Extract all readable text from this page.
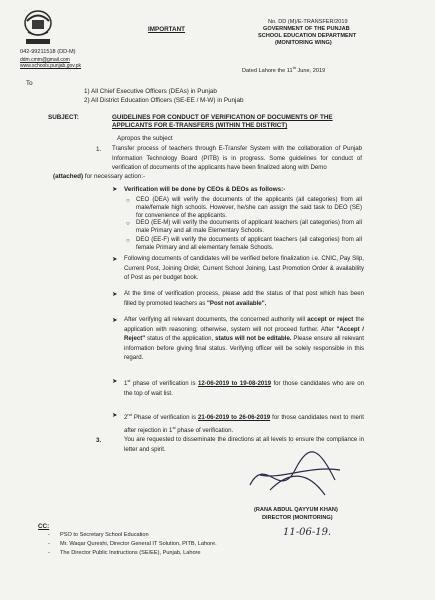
IMPORTANT
No. DD (M)/E-TRANSFER/2019
GOVERNMENT OF THE PUNJAB
SCHOOL EDUCATION DEPARTMENT
(MONITORING WING)
042-99211518 (DD-M)
ddm.cmm@gmail.com
www.schools.punjab.gov.pk
Dated Lahore the 11th June, 2019
To
1) All Chief Executive Officers (DEAs) in Punjab
2) All District Education Officers (SE-EE / M-W) in Punjab
SUBJECT:	GUIDELINES FOR CONDUCT OF VERIFICATION OF DOCUMENTS OF THE
APPLICANTS FOR E-TRANSFERS (WITHIN THE DISTRICT)
Apropos the subject
1. Transfer process of teachers through E-Transfer System with the collaboration of Punjab Information Technology Board (PITB) is in progress. Some guidelines for conduct of verification of documents of the applicants have been finalized along with Demo
(attached) for necessary action:-
➤ Verification will be done by CEOs & DEOs as follows:-
○ CEO (DEA) will verify the documents of the applicants (all categories) from all male/female high schools. However, he/she can assign the said task to DEO (SE) for convenience of the applicants.
○ DEO (EE-M) will verify the documents of applicant teachers (all categories) from all male Primary and all male Elementary Schools.
○ DEO (EE-F) will verify the documents of applicant teachers (all categories) from all female Primary and all elementary female Schools.
➤ Following documents of candidates will be verified before finalization i.e. CNIC, Pay Slip, Current Post, Joining Order, Current School Joining, Last Promotion Order & availability of Post as per budget book.
➤ At the time of verification process, please add the status of that post which has been filled by promoted teachers as "Post not available".
➤ After verifying all relevant documents, the concerned authority will accept or reject the application with reasoning; otherwise, system will not proceed further. After "Accept / Reject" status of the application, status will not be editable. Please ensure all relevant information before giving final status. Verifying officer will be solely responsible in this regard.
➤ 1st phase of verification is 12-06-2019 to 19-08-2019 for those candidates who are on the top of wait list.
➤ 2nd Phase of verification is 21-06-2019 to 26-06-2019 for those candidates next to merit after rejection in 1st phase of verification.
3.	You are requested to disseminate the directions at all levels to ensure the compliance in letter and spirit.
(RANA ABDUL QAYYUM KHAN)
DIRECTOR (MONITORING)
11-06-19.
CC:
- PSO to Secretary School Education
- Mr. Waqar Qureshi, Director General IT Solution, PITB, Lahore.
- The Director Public Instructions (SE/EE), Punjab, Lahore
